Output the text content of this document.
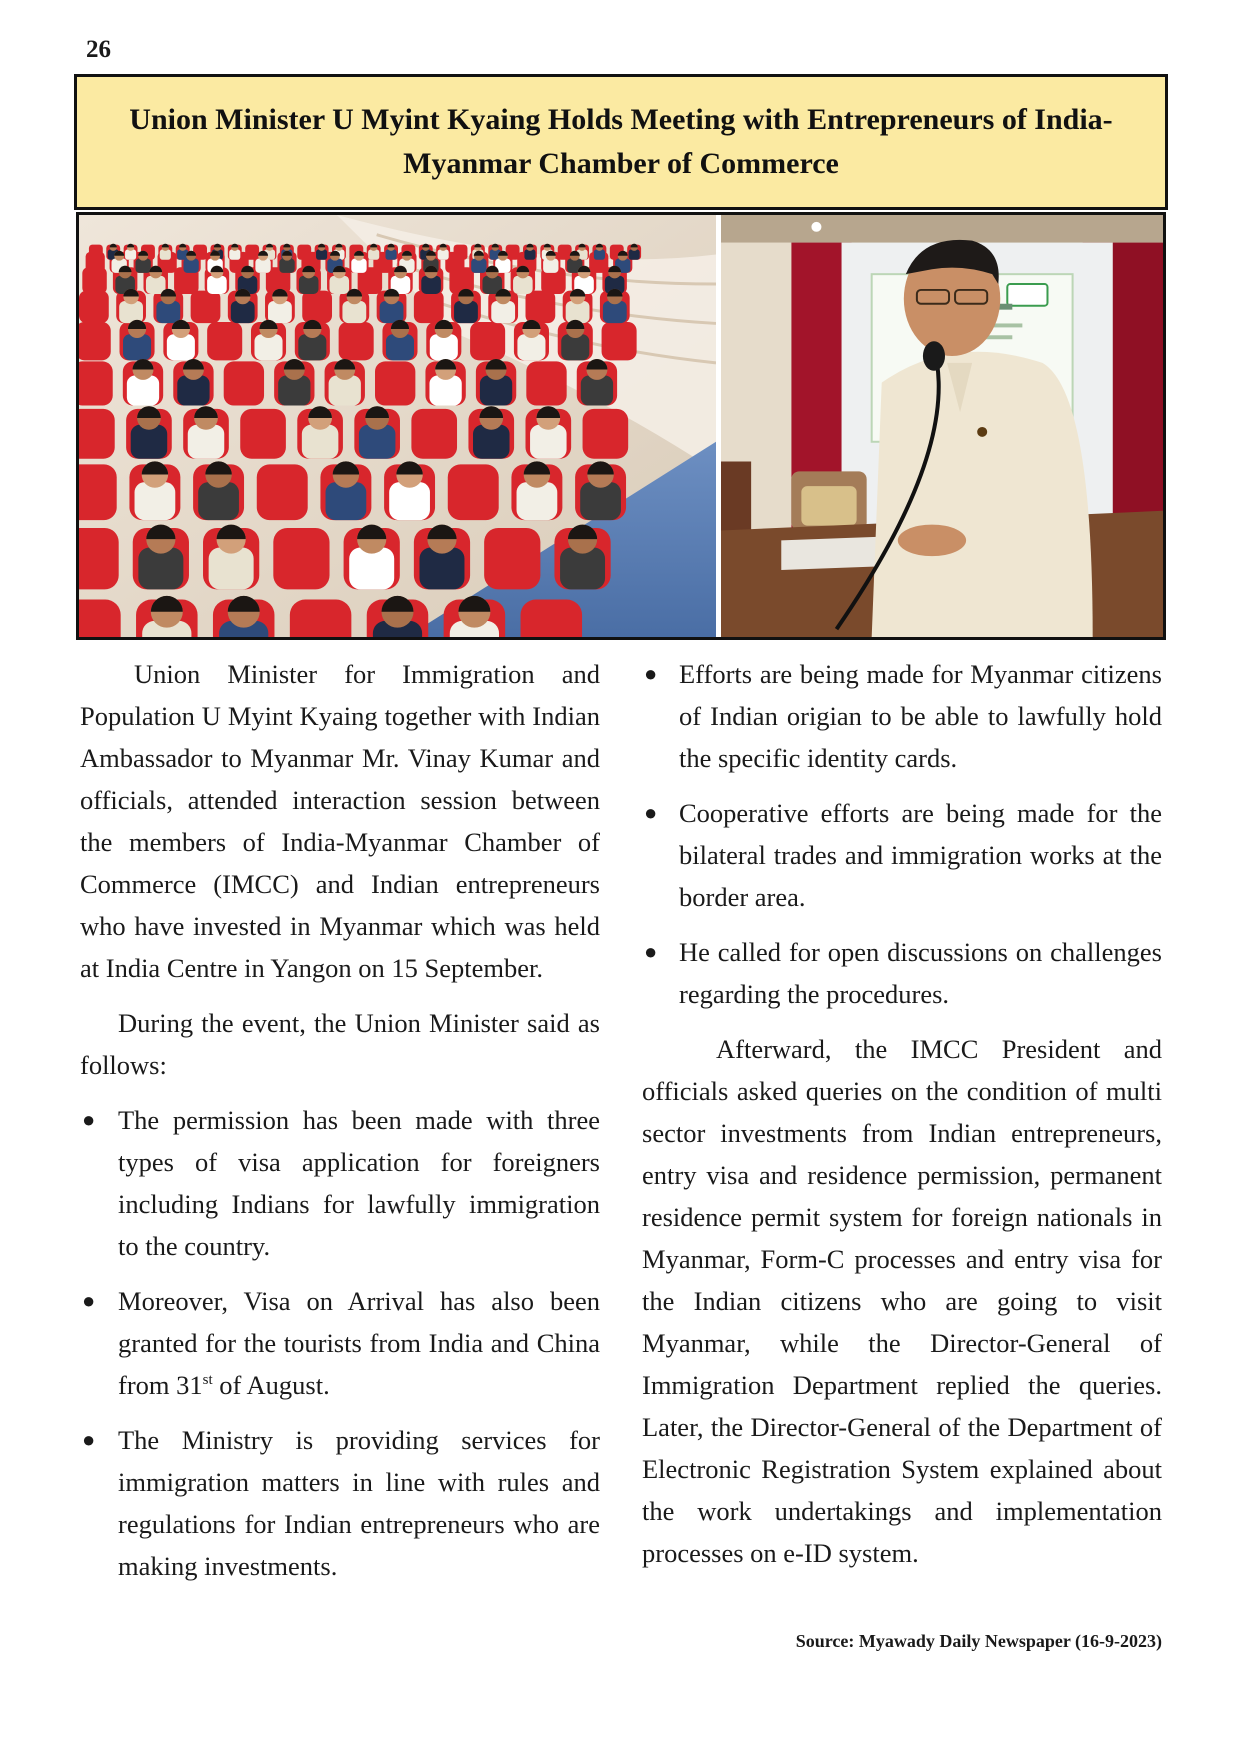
26
Union Minister U Myint Kyaing Holds Meeting with Entrepreneurs of India-Myanmar Chamber of Commerce

Union Minister for Immigration and Population U Myint Kyaing together with Indian Ambassador to Myanmar Mr. Vinay Kumar and officials, attended interaction session between the members of India-Myanmar Chamber of Commerce (IMCC) and Indian entrepreneurs who have invested in Myanmar which was held at India Centre in Yangon on 15 September.

During the event, the Union Minister said as follows:

● The permission has been made with three types of visa application for foreigners including Indians for lawfully immigration to the country.
● Moreover, Visa on Arrival has also been granted for the tourists from India and China from 31st of August.
● The Ministry is providing services for immigration matters in line with rules and regulations for Indian entrepreneurs who are making investments.
● Efforts are being made for Myanmar citizens of Indian origian to be able to lawfully hold the specific identity cards.
● Cooperative efforts are being made for the bilateral trades and immigration works at the border area.
● He called for open discussions on challenges regarding the procedures.

Afterward, the IMCC President and officials asked queries on the condition of multi sector investments from Indian entrepreneurs, entry visa and residence permission, permanent residence permit system for foreign nationals in Myanmar, Form-C processes and entry visa for the Indian citizens who are going to visit Myanmar, while the Director-General of Immigration Department replied the queries. Later, the Director-General of the Department of Electronic Registration System explained about the work undertakings and implementation processes on e-ID system.

Source: Myawady Daily Newspaper (16-9-2023)
